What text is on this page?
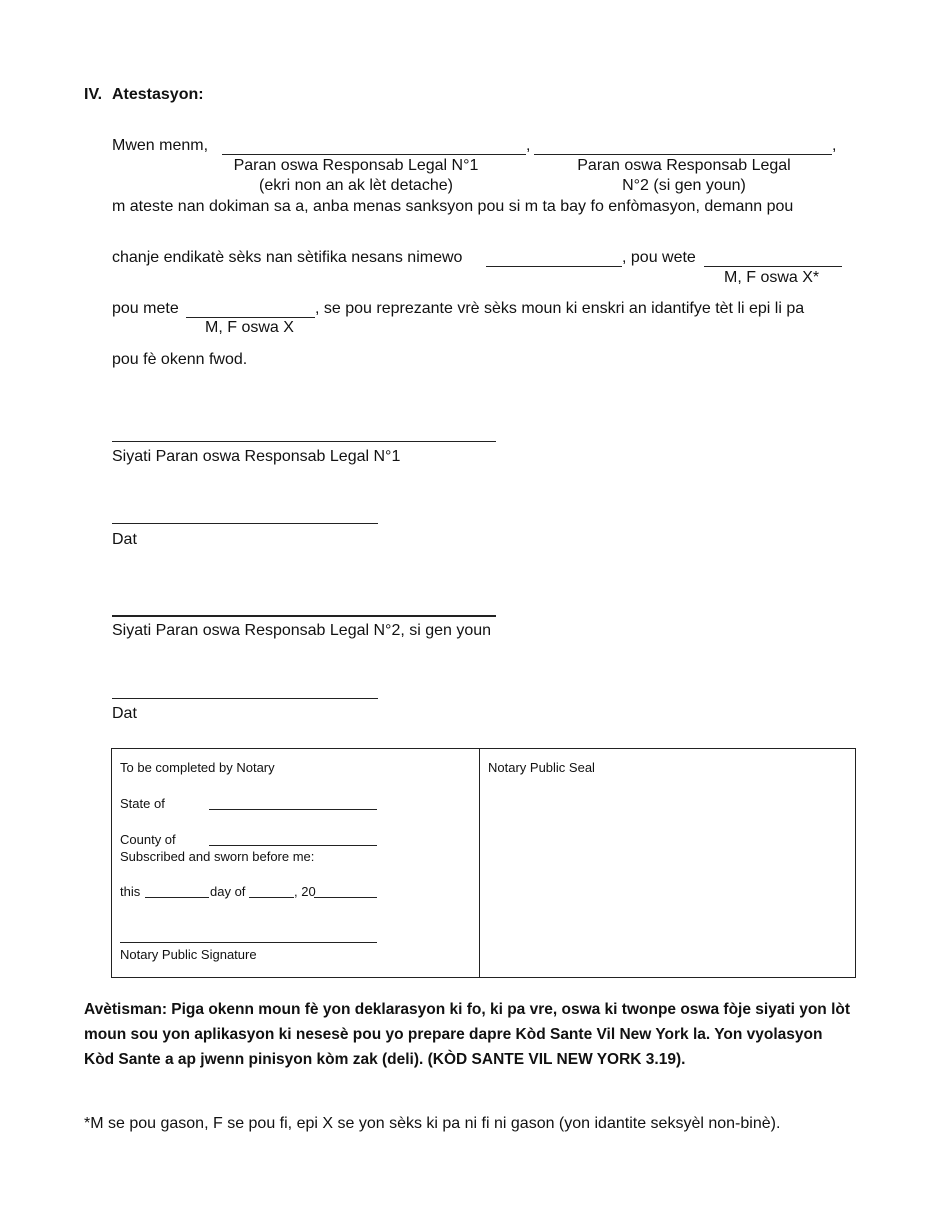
IV. Atestasyon:
Mwen menm,	,	,
Paran oswa Responsab Legal N°1
(ekri non an ak lèt detache)
Paran oswa Responsab Legal
N°2 (si gen youn)
m ateste nan dokiman sa a, anba menas sanksyon pou si m ta bay fo enfòmasyon, demann pou
chanje endikatè sèks nan sètifika nesans nimewo	, pou wete
M, F oswa X*
pou mete	, se pou reprezante vrè sèks moun ki enskri an idantifye tèt li epi li pa
M, F oswa X
pou fè okenn fwod.
Siyati Paran oswa Responsab Legal N°1
Dat
Siyati Paran oswa Responsab Legal N°2, si gen youn
Dat
To be completed by Notary
State of
County of
Subscribed and sworn before me:
this	day of	, 20
Notary Public Signature
Notary Public Seal
Avètisman: Piga okenn moun fè yon deklarasyon ki fo, ki pa vre, oswa ki twonpe oswa fòje siyati yon lòt moun sou yon aplikasyon ki nesesè pou yo prepare dapre Kòd Sante Vil New York la. Yon vyolasyon Kòd Sante a ap jwenn pinisyon kòm zak (deli). (KÒD SANTE VIL NEW YORK 3.19).
*M se pou gason, F se pou fi, epi X se yon sèks ki pa ni fi ni gason (yon idantite seksyèl non-binè).
